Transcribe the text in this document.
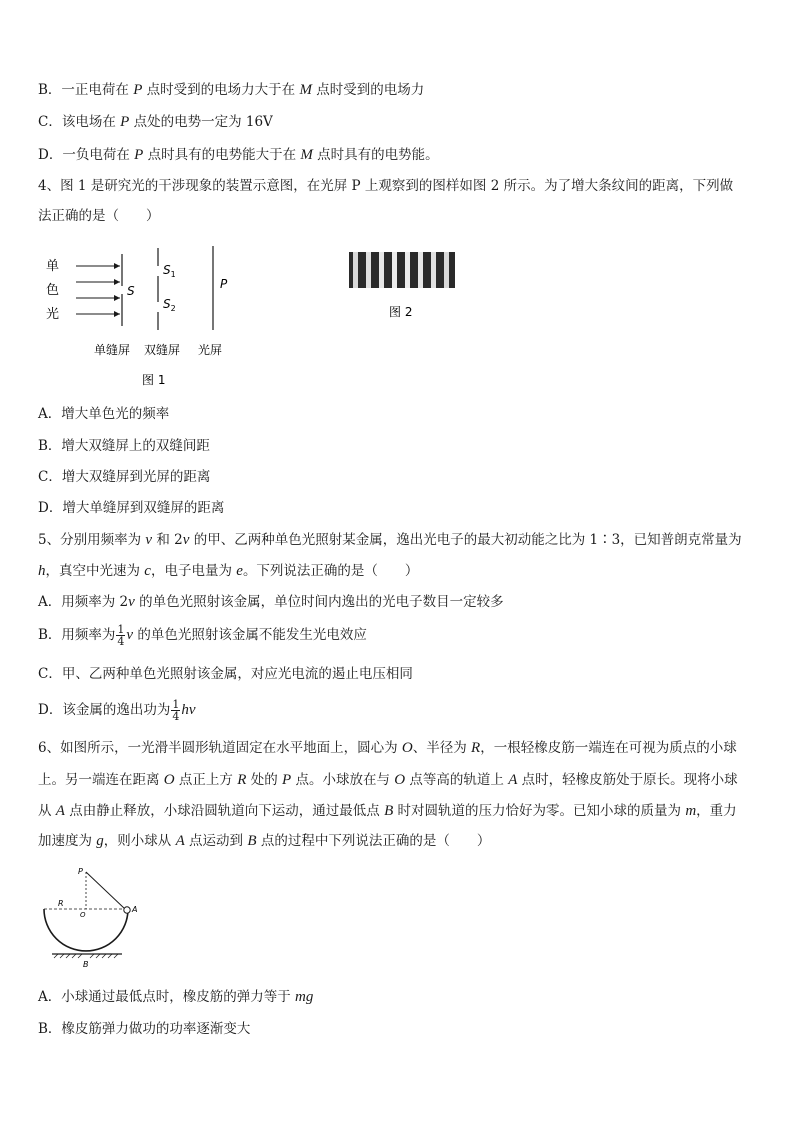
B．一正电荷在 P 点时受到的电场力大于在 M 点时受到的电场力
C．该电场在 P 点处的电势一定为 16V
D．一负电荷在 P 点时具有的电势能大于在 M 点时具有的电势能。
4、图 1 是研究光的干涉现象的装置示意图，在光屏 P 上观察到的图样如图 2 所示。为了增大条纹间的距离，下列做
法正确的是（　　）
单
色
光
S
$S_1$
$S_2$
P
单缝屏 双缝屏 光屏
图 1
图 2
A．增大单色光的频率
B．增大双缝屏上的双缝间距
C．增大双缝屏到光屏的距离
D．增大单缝屏到双缝屏的距离
5、分别用频率为 ν 和 2ν 的甲、乙两种单色光照射某金属，逸出光电子的最大初动能之比为 1∶3，已知普朗克常量为
h，真空中光速为 c，电子电量为 e。下列说法正确的是（　　）
A．用频率为 2ν 的单色光照射该金属，单位时间内逸出的光电子数目一定较多
B．用频率为 $\frac{1}{4}$ ν 的单色光照射该金属不能发生光电效应
C．甲、乙两种单色光照射该金属，对应光电流的遏止电压相同
D．该金属的逸出功为 $\frac{1}{4}$ hν
6、如图所示，一光滑半圆形轨道固定在水平地面上，圆心为 O、半径为 R，一根轻橡皮筋一端连在可视为质点的小球
上。另一端连在距离 O 点正上方 R 处的 P 点。小球放在与 O 点等高的轨道上 A 点时，轻橡皮筋处于原长。现将小球
从 A 点由静止释放，小球沿圆轨道向下运动，通过最低点 B 时对圆轨道的压力恰好为零。已知小球的质量为 m，重力
加速度为 g，则小球从 A 点运动到 B 点的过程中下列说法正确的是（　　）
P
R
O
A
B
A．小球通过最低点时，橡皮筋的弹力等于 mg
B．橡皮筋弹力做功的功率逐渐变大
